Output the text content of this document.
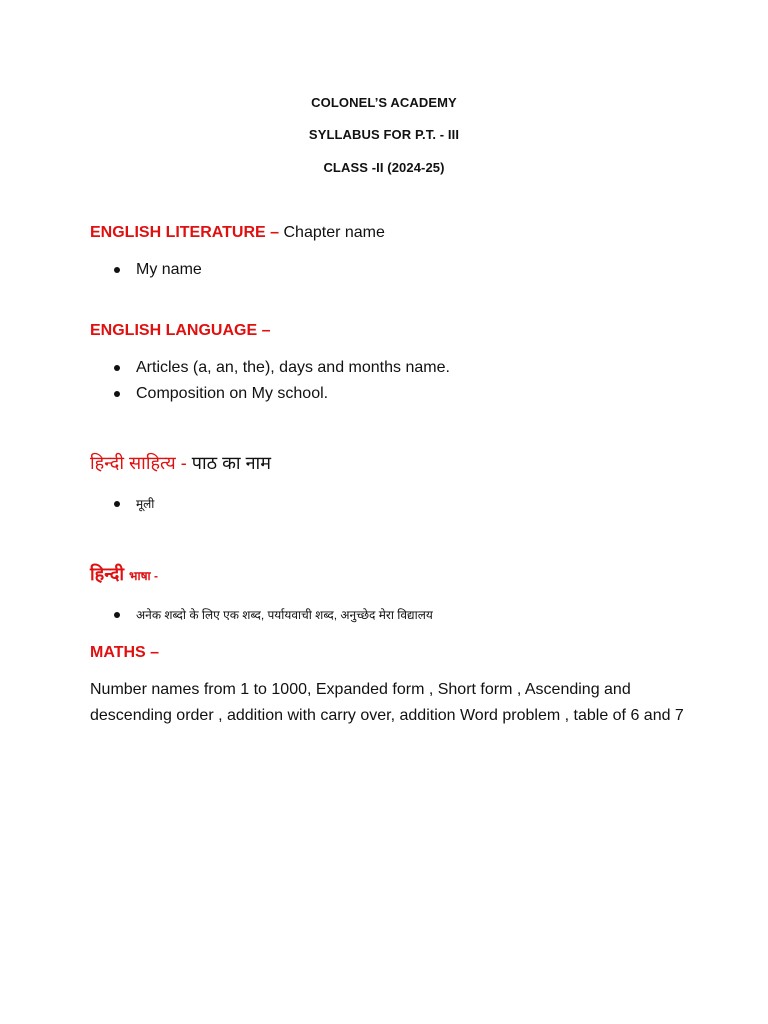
COLONEL’S ACADEMY
SYLLABUS FOR P.T. - III
CLASS -II (2024-25)
ENGLISH LITERATURE – Chapter name
My name
ENGLISH LANGUAGE –
Articles (a, an, the), days and months name.
Composition on My school.
हिन्दी साहित्य - पाठ का नाम
मूली
हिन्दी भाषा -
अनेक शब्दो के लिए एक शब्द, पर्यायवाची शब्द, अनुच्छेद मेरा विद्यालय
MATHS –
Number names from 1 to 1000, Expanded form , Short form , Ascending and descending order , addition with carry over, addition Word problem , table of 6 and 7
